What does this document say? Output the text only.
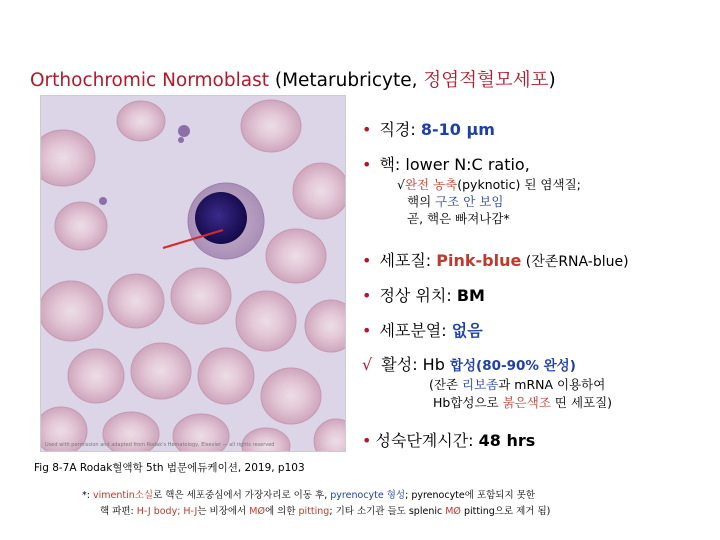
Orthochromic Normoblast (Metarubricyte, 정염적혈모세포)
Used with permission and adapted from Rodak's Hematology, Elsevier — all rights reserved
Fig 8-7A Rodak혈액학 5th 범문에듀케이션, 2019, p103
• 직경: 8-10 μm
• 핵: lower N:C ratio,
√완전 농축(pyknotic) 된 염색질;
핵의 구조 안 보임
곧, 핵은 빠져나감*
• 세포질: Pink-blue (잔존RNA-blue)
• 정상 위치: BM
• 세포분열: 없음
√ 활성: Hb 합성(80-90% 완성)
(잔존 리보좀과 mRNA 이용하여
Hb합성으로 붉은색조 띤 세포질)
• 성숙단계시간: 48 hrs
*: vimentin소실로 핵은 세포중심에서 가장자리로 이동 후, pyrenocyte 형성; pyrenocyte에 포함되지 못한
핵 파편: H-J body; H-J는 비장에서 MØ에 의한 pitting; 기타 소기관 들도 splenic MØ pitting으로 제거 됨)
